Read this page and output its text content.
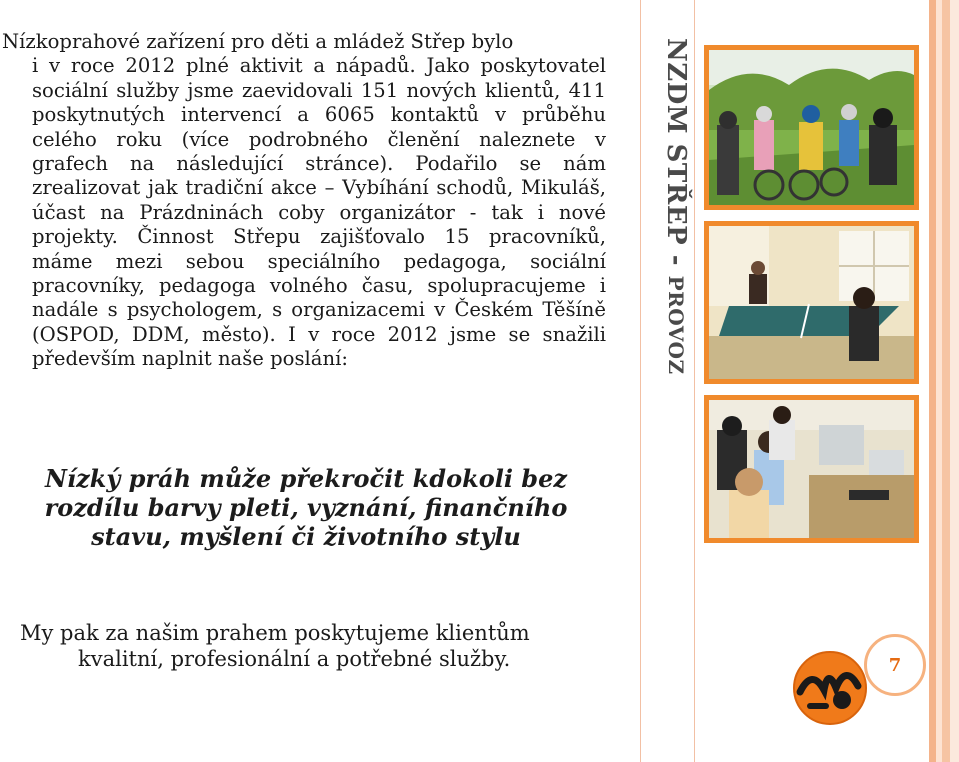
Nízkoprahové zařízení pro děti a mládež Střep bylo
i v roce 2012 plné aktivit a nápadů. Jako poskytovatel sociální služby jsme zaevidovali 151 nových klientů, 411 poskytnutých intervencí a 6065 kontaktů v průběhu celého roku (více podrobného členění naleznete v grafech na následující stránce). Podařilo se nám zrealizovat jak tradiční akce – Vybíhání schodů, Mikuláš, účast na Prázdninách coby organizátor - tak i nové projekty. Činnost Střepu zajišťovalo 15 pracovníků, máme mezi sebou speciálního pedagoga, sociální pracovníky, pedagoga volného času, spolupracujeme i nadále s psychologem, s organizacemi v Českém Těšíně (OSPOD, DDM, město). I v roce 2012 jsme se snažili především naplnit naše poslání:
Nízký práh může překročit kdokoli bez rozdílu barvy pleti, vyznání, finančního stavu, myšlení či životního stylu
My pak za našim prahem poskytujeme klientům
kvalitní, profesionální a potřebné služby.
NZDM STŘEP - PROVOZ
7
